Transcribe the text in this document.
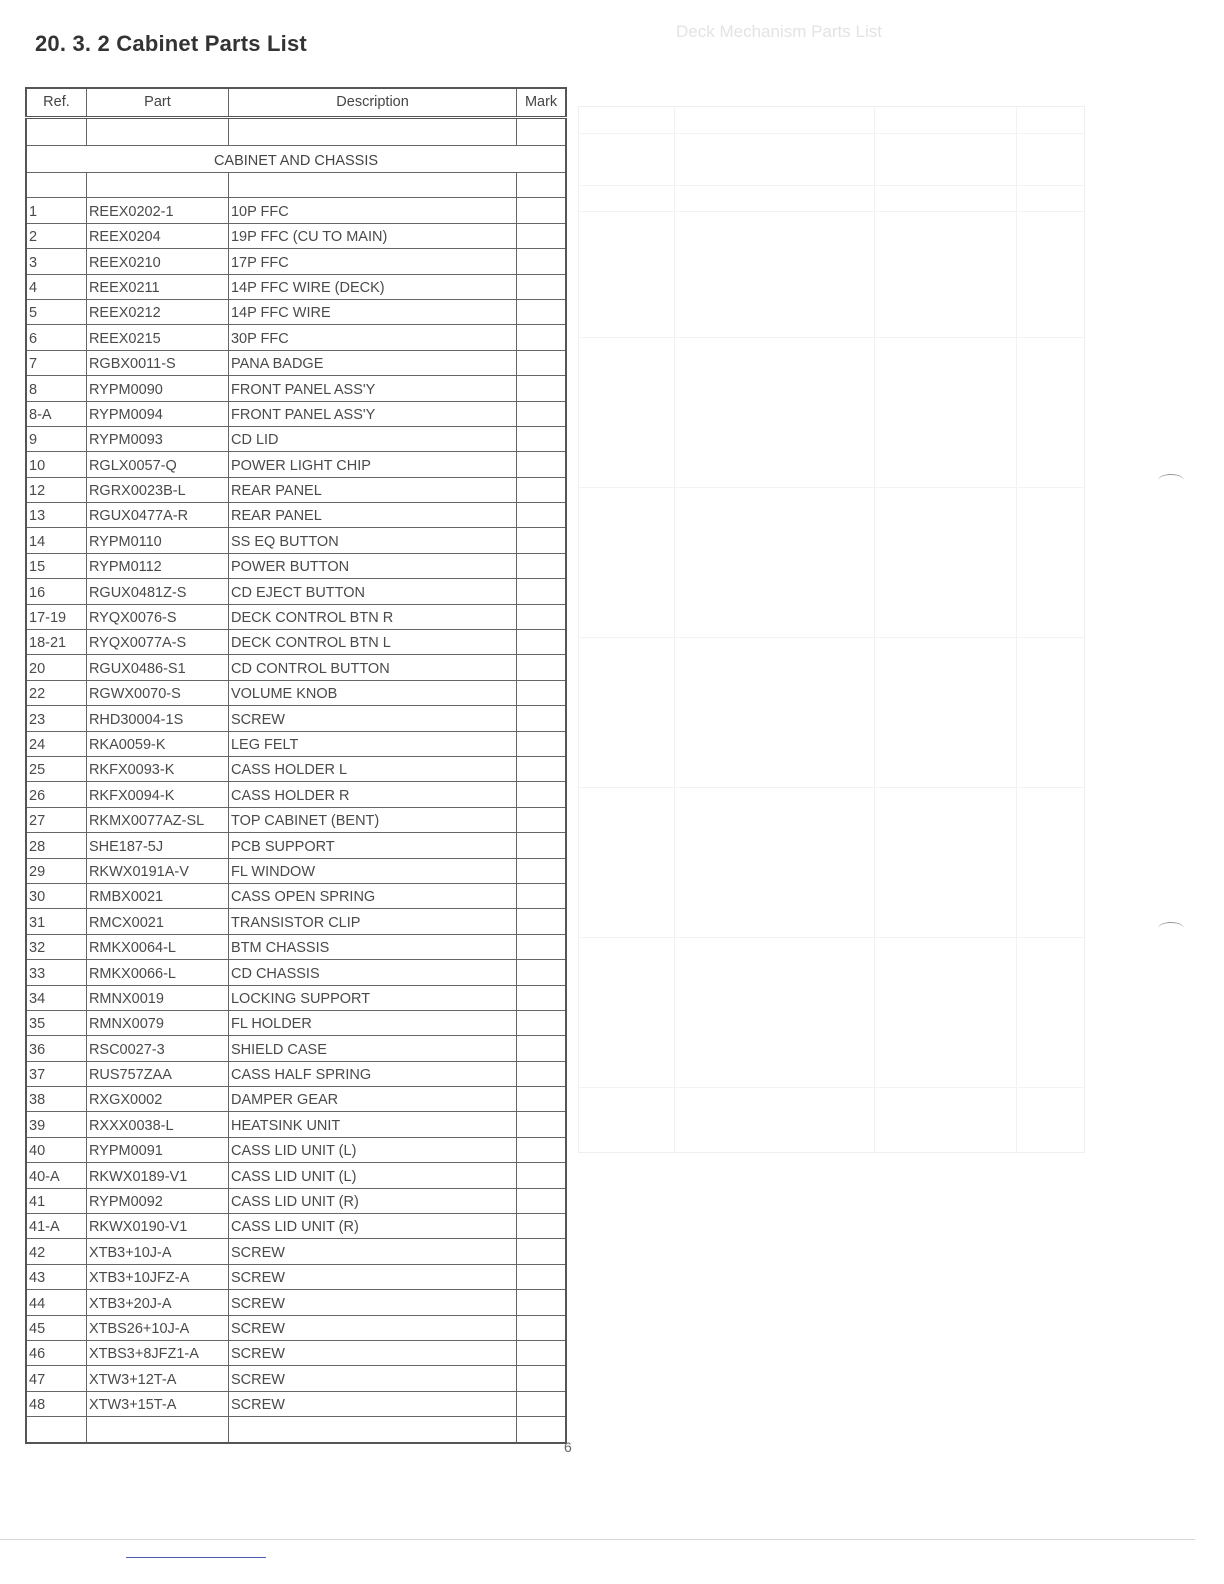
20. 3. 2 Cabinet Parts List	Deck Mechanism Parts List
Ref.	Part	Description	Mark

CABINET AND CHASSIS			

1	REEX0202-1	10P FFC	
2	REEX0204	19P FFC (CU TO MAIN)	
3	REEX0210	17P FFC	
4	REEX0211	14P FFC WIRE (DECK)	
5	REEX0212	14P FFC WIRE	
6	REEX0215	30P FFC	
7	RGBX0011-S	PANA BADGE	
8	RYPM0090	FRONT PANEL ASS'Y	
8-A	RYPM0094	FRONT PANEL ASS'Y	
9	RYPM0093	CD LID	
10	RGLX0057-Q	POWER LIGHT CHIP	
12	RGRX0023B-L	REAR PANEL	
13	RGUX0477A-R	REAR PANEL	
14	RYPM0110	SS EQ BUTTON	
15	RYPM0112	POWER BUTTON	
16	RGUX0481Z-S	CD EJECT BUTTON	
17-19	RYQX0076-S	DECK CONTROL BTN R	
18-21	RYQX0077A-S	DECK CONTROL BTN L	
20	RGUX0486-S1	CD CONTROL BUTTON	
22	RGWX0070-S	VOLUME KNOB	
23	RHD30004-1S	SCREW	
24	RKA0059-K	LEG FELT	
25	RKFX0093-K	CASS HOLDER L	
26	RKFX0094-K	CASS HOLDER R	
27	RKMX0077AZ-SL	TOP CABINET (BENT)	
28	SHE187-5J	PCB SUPPORT	
29	RKWX0191A-V	FL WINDOW	
30	RMBX0021	CASS OPEN SPRING	
31	RMCX0021	TRANSISTOR CLIP	
32	RMKX0064-L	BTM CHASSIS	
33	RMKX0066-L	CD CHASSIS	
34	RMNX0019	LOCKING SUPPORT	
35	RMNX0079	FL HOLDER	
36	RSC0027-3	SHIELD CASE	
37	RUS757ZAA	CASS HALF SPRING	
38	RXGX0002	DAMPER GEAR	
39	RXXX0038-L	HEATSINK UNIT	
40	RYPM0091	CASS LID UNIT (L)	
40-A	RKWX0189-V1	CASS LID UNIT (L)	
41	RYPM0092	CASS LID UNIT (R)	
41-A	RKWX0190-V1	CASS LID UNIT (R)	
42	XTB3+10J-A	SCREW	
43	XTB3+10JFZ-A	SCREW	
44	XTB3+20J-A	SCREW	
45	XTBS26+10J-A	SCREW	
46	XTBS3+8JFZ1-A	SCREW	
47	XTW3+12T-A	SCREW	
48	XTW3+15T-A	SCREW	

6
